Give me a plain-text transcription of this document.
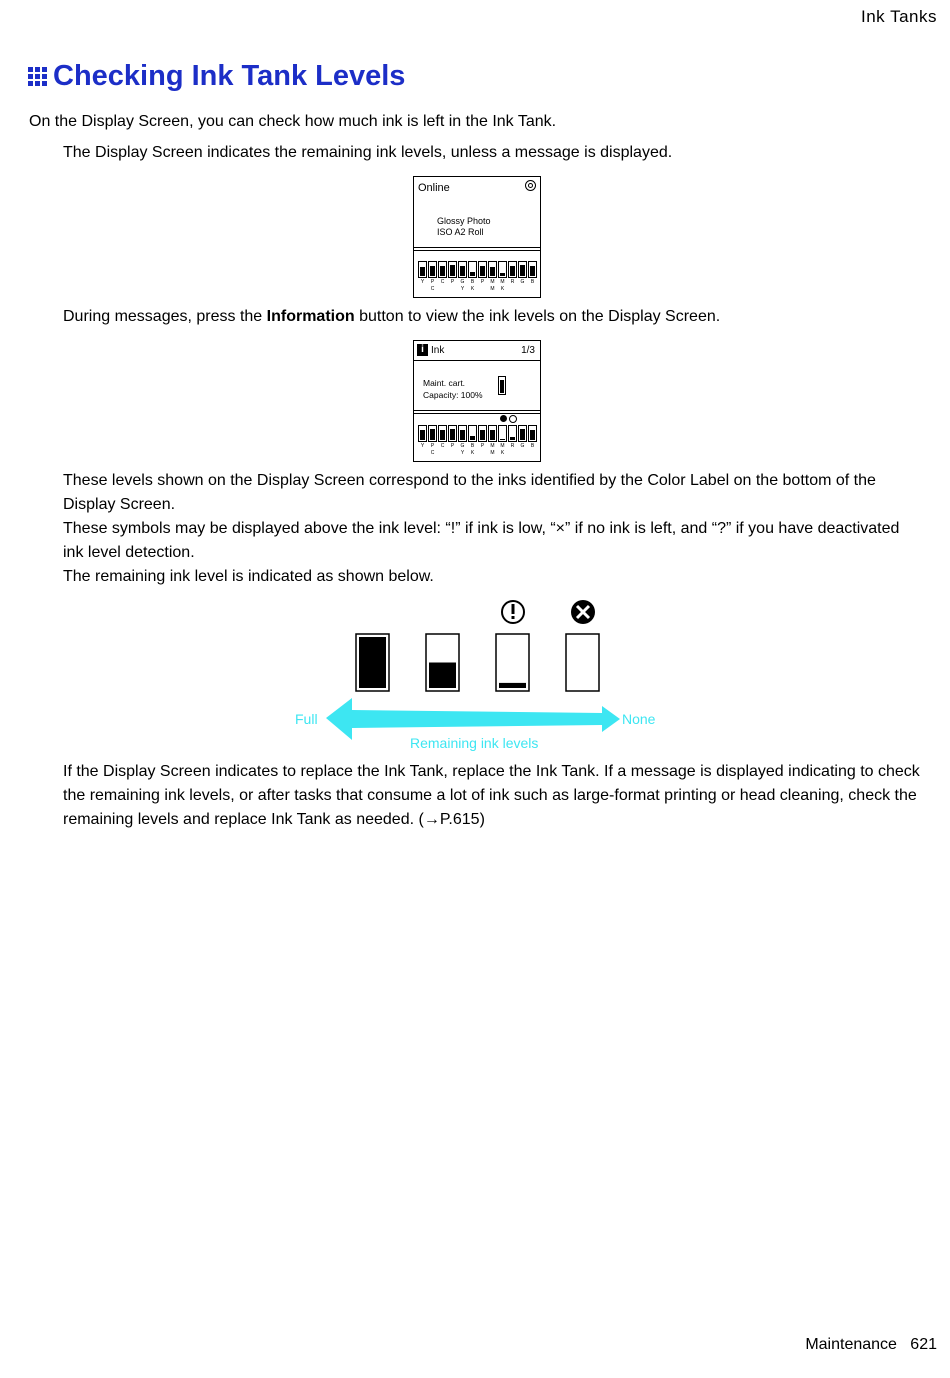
Ink Tanks
Checking Ink Tank Levels
On the Display Screen, you can check how much ink is left in the Ink Tank.
The Display Screen indicates the remaining ink levels, unless a message is displayed.
Online
Glossy Photo
ISO A2 Roll
Y	P	C	P	G	B	P	M	M	R	G	B
C	Y	K	M	K
During messages, press the Information button to view the ink levels on the Display Screen.
i Ink	1/3
Maint. cart.
Capacity: 100%
Y	P	C	P	G	B	P	M	M	R	G	B
C	Y	K	M	K
These levels shown on the Display Screen correspond to the inks identified by the Color Label on the bottom of the Display Screen.
These symbols may be displayed above the ink level: “!” if ink is low, “×” if no ink is left, and “?” if you have deactivated ink level detection.
The remaining ink level is indicated as shown below.
Full	None
Remaining ink levels
If the Display Screen indicates to replace the Ink Tank, replace the Ink Tank. If a message is displayed indicating to check the remaining ink levels, or after tasks that consume a lot of ink such as large-format printing or head cleaning, check the remaining levels and replace Ink Tank as needed. (→P.615)
Maintenance 621
